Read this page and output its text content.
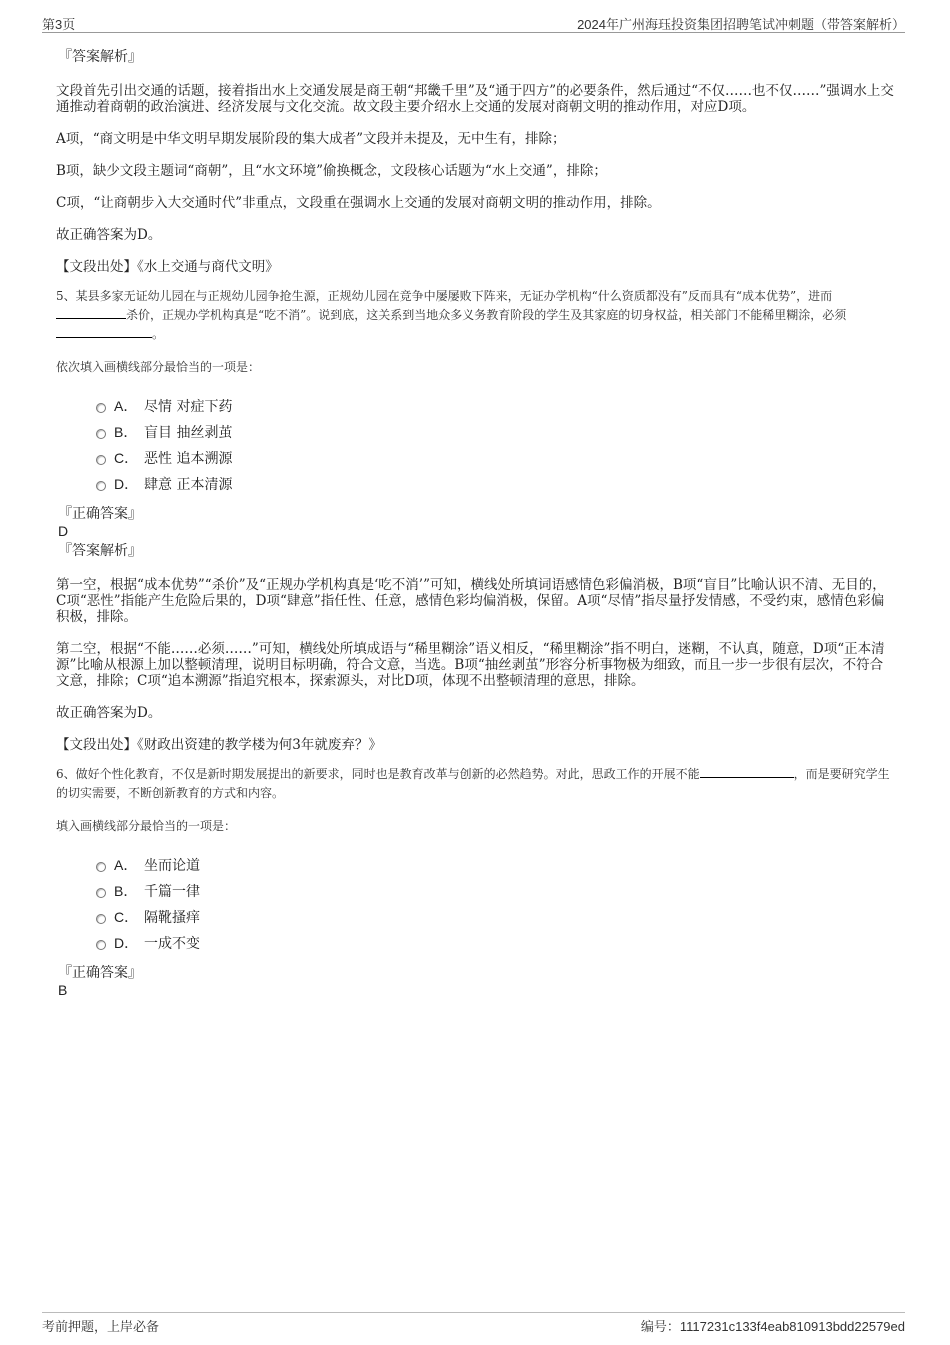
第3页	2024年广州海珏投资集团招聘笔试冲刺题（带答案解析）
『答案解析』

文段首先引出交通的话题，接着指出水上交通发展是商王朝“邦畿千里”及“通于四方”的必要条件，然后通过“不仅……也不仅……”强调水上交通推动着商朝的政治演进、经济发展与文化交流。故文段主要介绍水上交通的发展对商朝文明的推动作用，对应D项。

A项，“商文明是中华文明早期发展阶段的集大成者”文段并未提及，无中生有，排除；

B项，缺少文段主题词“商朝”，且“水文环境”偷换概念，文段核心话题为“水上交通”，排除；

C项，“让商朝步入大交通时代”非重点，文段重在强调水上交通的发展对商朝文明的推动作用，排除。

故正确答案为D。

【文段出处】《水上交通与商代文明》

5、某县多家无证幼儿园在与正规幼儿园争抢生源，正规幼儿园在竞争中屡屡败下阵来，无证办学机构“什么资质都没有”反而具有“成本优势”，进而杀价，正规办学机构真是“吃不消”。说到底，这关系到当地众多义务教育阶段的学生及其家庭的切身权益，相关部门不能稀里糊涂，必须。
依次填入画横线部分最恰当的一项是：
A． 尽情 对症下药
B． 盲目 抽丝剥茧
C． 恶性 追本溯源
D． 肆意 正本清源
『正确答案』
D
『答案解析』

第一空，根据“成本优势”“杀价”及“正规办学机构真是‘吃不消’”可知，横线处所填词语感情色彩偏消极，B项“盲目”比喻认识不清、无目的，C项“恶性”指能产生危险后果的，D项“肆意”指任性、任意，感情色彩均偏消极，保留。A项“尽情”指尽量抒发情感，不受约束，感情色彩偏积极，排除。

第二空，根据“不能……必须……”可知，横线处所填成语与“稀里糊涂”语义相反，“稀里糊涂”指不明白，迷糊，不认真，随意，D项“正本清源”比喻从根源上加以整顿清理，说明目标明确，符合文意，当选。B项“抽丝剥茧”形容分析事物极为细致，而且一步一步很有层次，不符合文意，排除；C项“追本溯源”指追究根本，探索源头，对比D项，体现不出整顿清理的意思，排除。

故正确答案为D。

【文段出处】《财政出资建的教学楼为何3年就废弃？》

6、做好个性化教育，不仅是新时期发展提出的新要求，同时也是教育改革与创新的必然趋势。对此，思政工作的开展不能	，而是要研究学生的切实需要，不断创新教育的方式和内容。
填入画横线部分最恰当的一项是：
A． 坐而论道
B． 千篇一律
C． 隔靴搔痒
D． 一成不变
『正确答案』
B
考前押题，上岸必备	编号：1117231c133f4eab810913bdd22579ed
